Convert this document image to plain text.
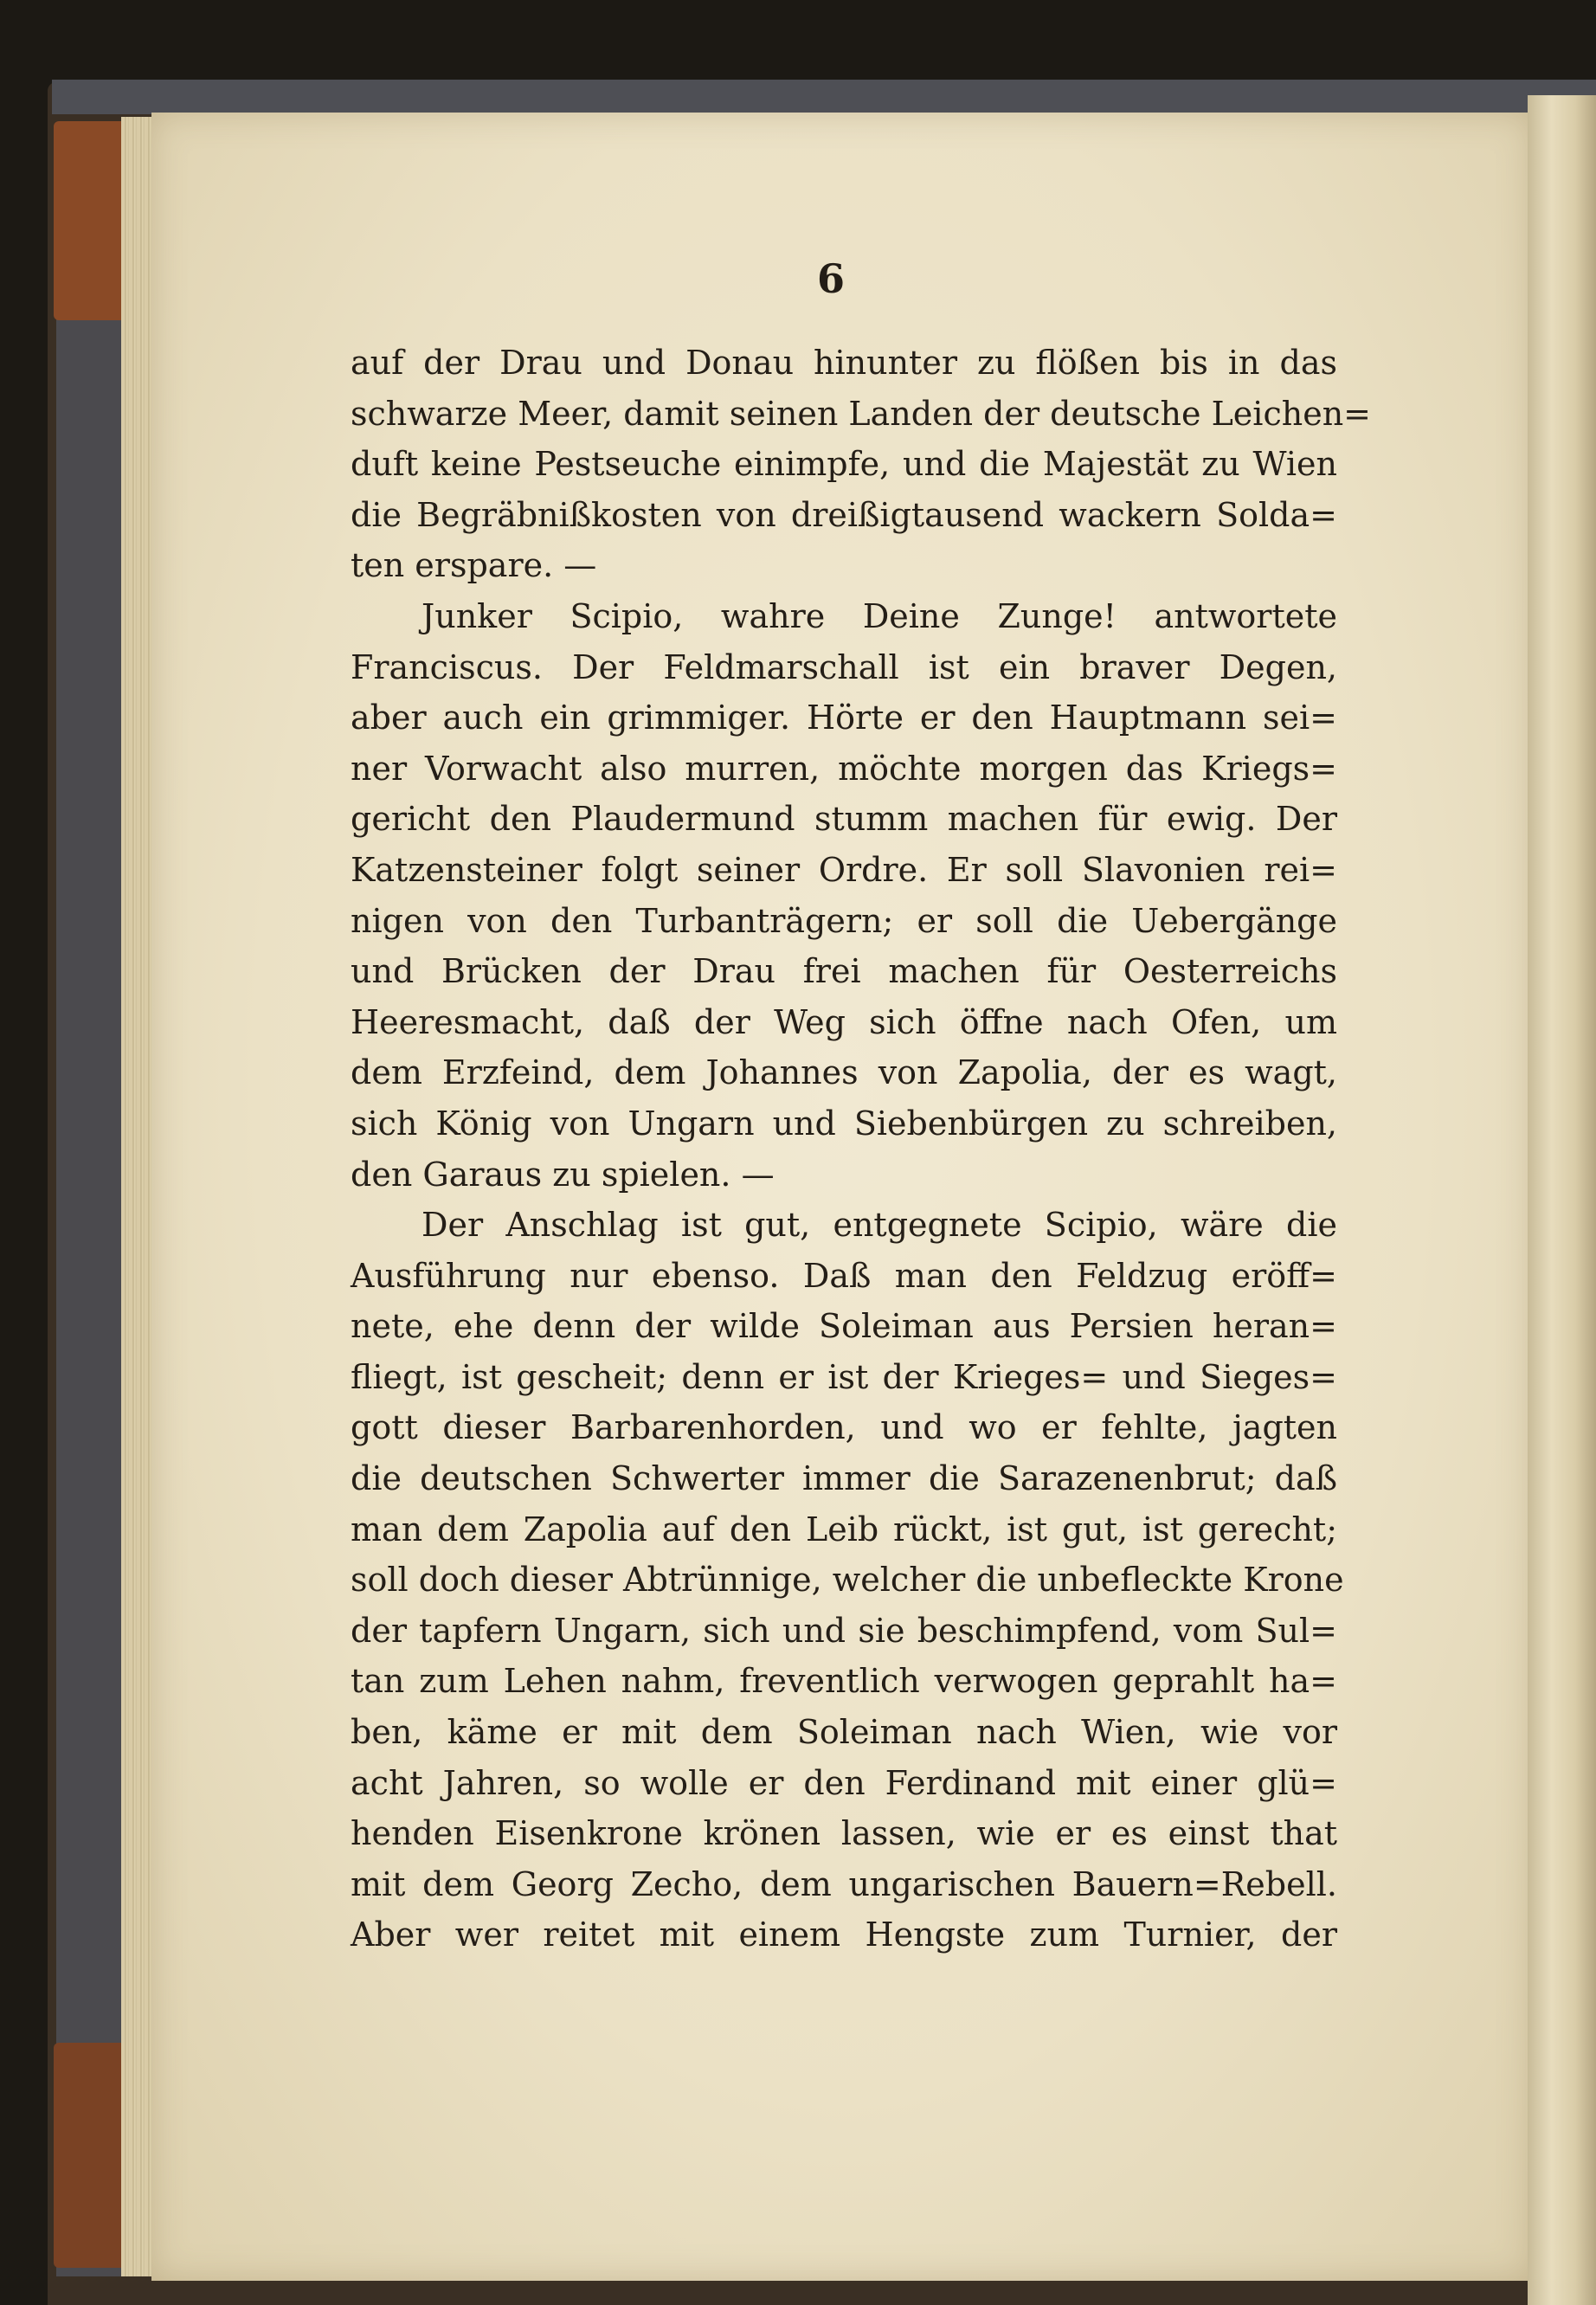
6
auf der Drau und Donau hinunter zu flößen bis in das
schwarze Meer, damit seinen Landen der deutsche Leichen=
duft keine Pestseuche einimpfe, und die Majestät zu Wien
die Begräbnißkosten von dreißigtausend wackern Solda=
ten erspare. —
Junker Scipio, wahre Deine Zunge! antwortete
Franciscus. Der Feldmarschall ist ein braver Degen,
aber auch ein grimmiger. Hörte er den Hauptmann sei=
ner Vorwacht also murren, möchte morgen das Kriegs=
gericht den Plaudermund stumm machen für ewig. Der
Katzensteiner folgt seiner Ordre. Er soll Slavonien rei=
nigen von den Turbanträgern; er soll die Uebergänge
und Brücken der Drau frei machen für Oesterreichs
Heeresmacht, daß der Weg sich öffne nach Ofen, um
dem Erzfeind, dem Johannes von Zapolia, der es wagt,
sich König von Ungarn und Siebenbürgen zu schreiben,
den Garaus zu spielen. —
Der Anschlag ist gut, entgegnete Scipio, wäre die
Ausführung nur ebenso. Daß man den Feldzug eröff=
nete, ehe denn der wilde Soleiman aus Persien heran=
fliegt, ist gescheit; denn er ist der Krieges= und Sieges=
gott dieser Barbarenhorden, und wo er fehlte, jagten
die deutschen Schwerter immer die Sarazenenbrut; daß
man dem Zapolia auf den Leib rückt, ist gut, ist gerecht;
soll doch dieser Abtrünnige, welcher die unbefleckte Krone
der tapfern Ungarn, sich und sie beschimpfend, vom Sul=
tan zum Lehen nahm, freventlich verwogen geprahlt ha=
ben, käme er mit dem Soleiman nach Wien, wie vor
acht Jahren, so wolle er den Ferdinand mit einer glü=
henden Eisenkrone krönen lassen, wie er es einst that
mit dem Georg Zecho, dem ungarischen Bauern=Rebell.
Aber wer reitet mit einem Hengste zum Turnier, der
